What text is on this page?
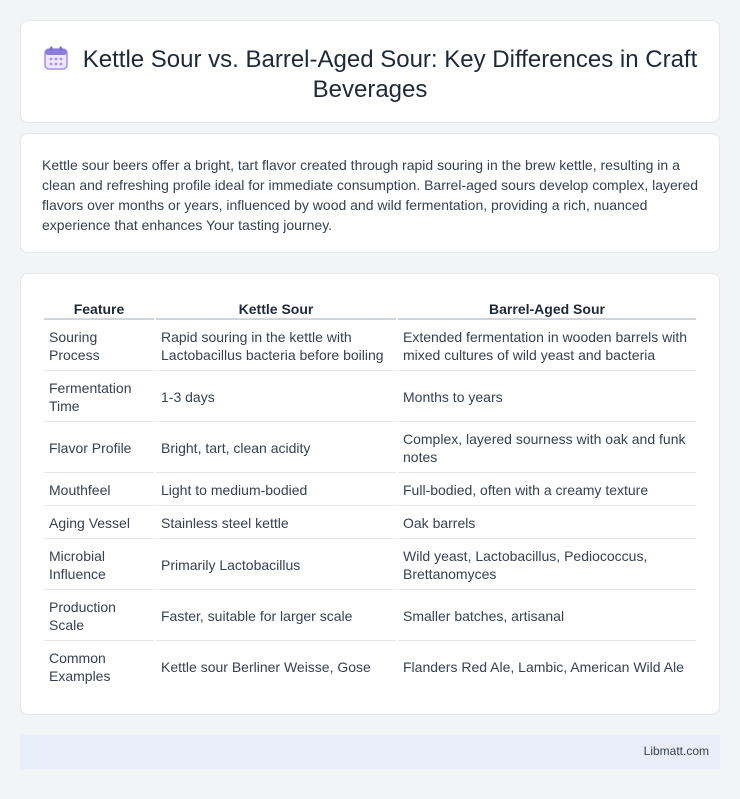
Kettle Sour vs. Barrel-Aged Sour: Key Differences in Craft Beverages

Kettle sour beers offer a bright, tart flavor created through rapid souring in the brew kettle, resulting in a clean and refreshing profile ideal for immediate consumption. Barrel-aged sours develop complex, layered flavors over months or years, influenced by wood and wild fermentation, providing a rich, nuanced experience that enhances Your tasting journey.

Feature	Kettle Sour	Barrel-Aged Sour
Souring Process	Rapid souring in the kettle with Lactobacillus bacteria before boiling	Extended fermentation in wooden barrels with mixed cultures of wild yeast and bacteria
Fermentation Time	1-3 days	Months to years
Flavor Profile	Bright, tart, clean acidity	Complex, layered sourness with oak and funk notes
Mouthfeel	Light to medium-bodied	Full-bodied, often with a creamy texture
Aging Vessel	Stainless steel kettle	Oak barrels
Microbial Influence	Primarily Lactobacillus	Wild yeast, Lactobacillus, Pediococcus, Brettanomyces
Production Scale	Faster, suitable for larger scale	Smaller batches, artisanal
Common Examples	Kettle sour Berliner Weisse, Gose	Flanders Red Ale, Lambic, American Wild Ale
Libmatt.com
